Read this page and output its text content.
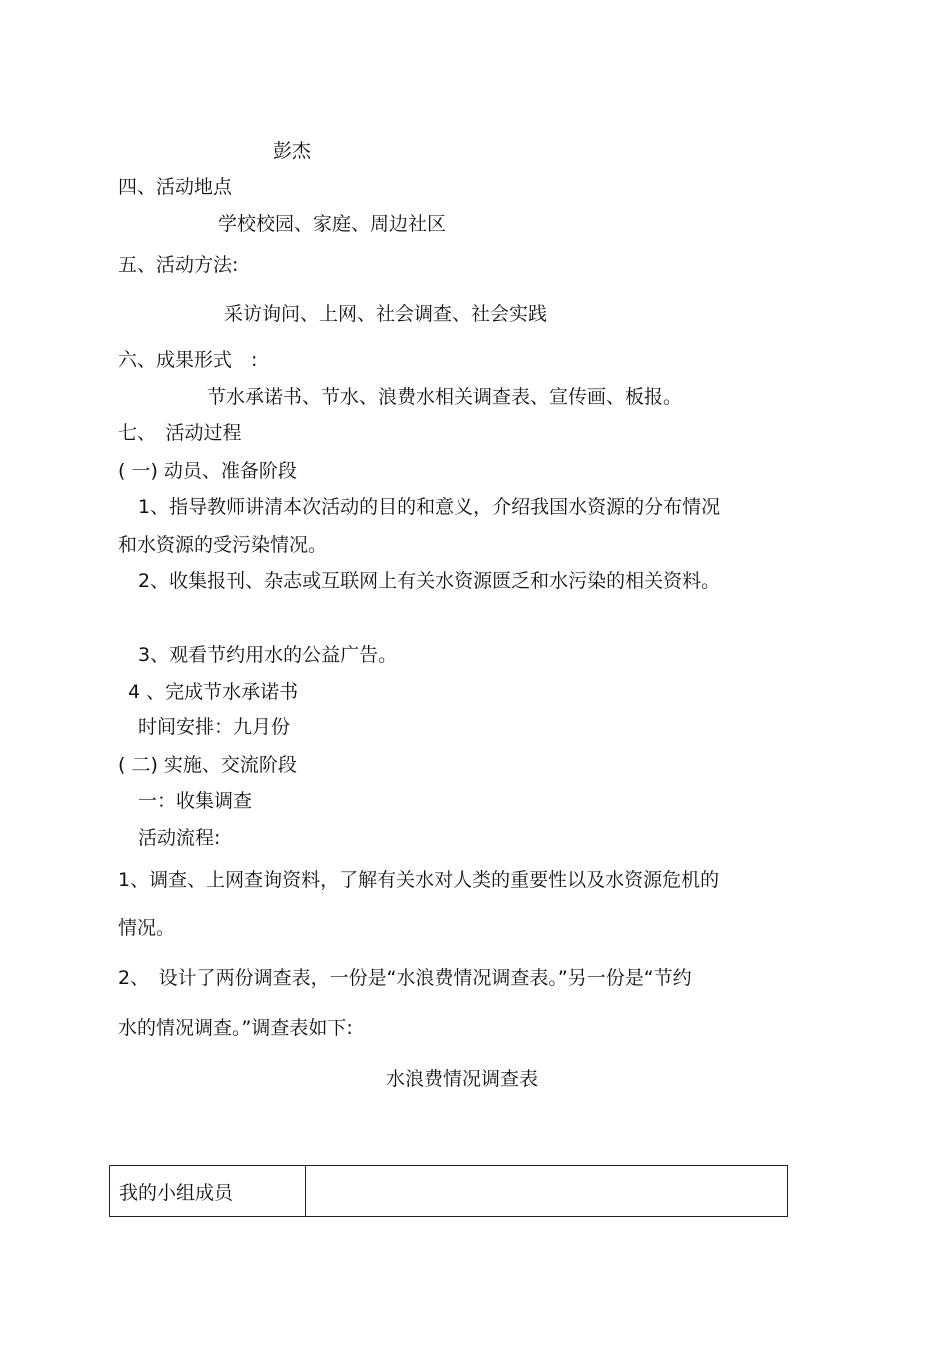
彭杰
四、活动地点
学校校园、家庭、周边社区
五、活动方法:
采访询问、上网、社会调查、社会实践
六、成果形式　:
节水承诺书、节水、浪费水相关调查表、宣传画、板报。
七、　活动过程
( 一) 动员、准备阶段
1、指导教师讲清本次活动的目的和意义，介绍我国水资源的分布情况
和水资源的受污染情况。
2、收集报刊、杂志或互联网上有关水资源匮乏和水污染的相关资料。
3、观看节约用水的公益广告。
4 、完成节水承诺书
时间安排：九月份
( 二) 实施、交流阶段
一：收集调查
活动流程:
1、调查、上网查询资料，了解有关水对人类的重要性以及水资源危机的
情况。
2、　设计了两份调查表，一份是“水浪费情况调查表。”另一份是“节约
水的情况调查。”调查表如下:
水浪费情况调查表
我的小组成员	
